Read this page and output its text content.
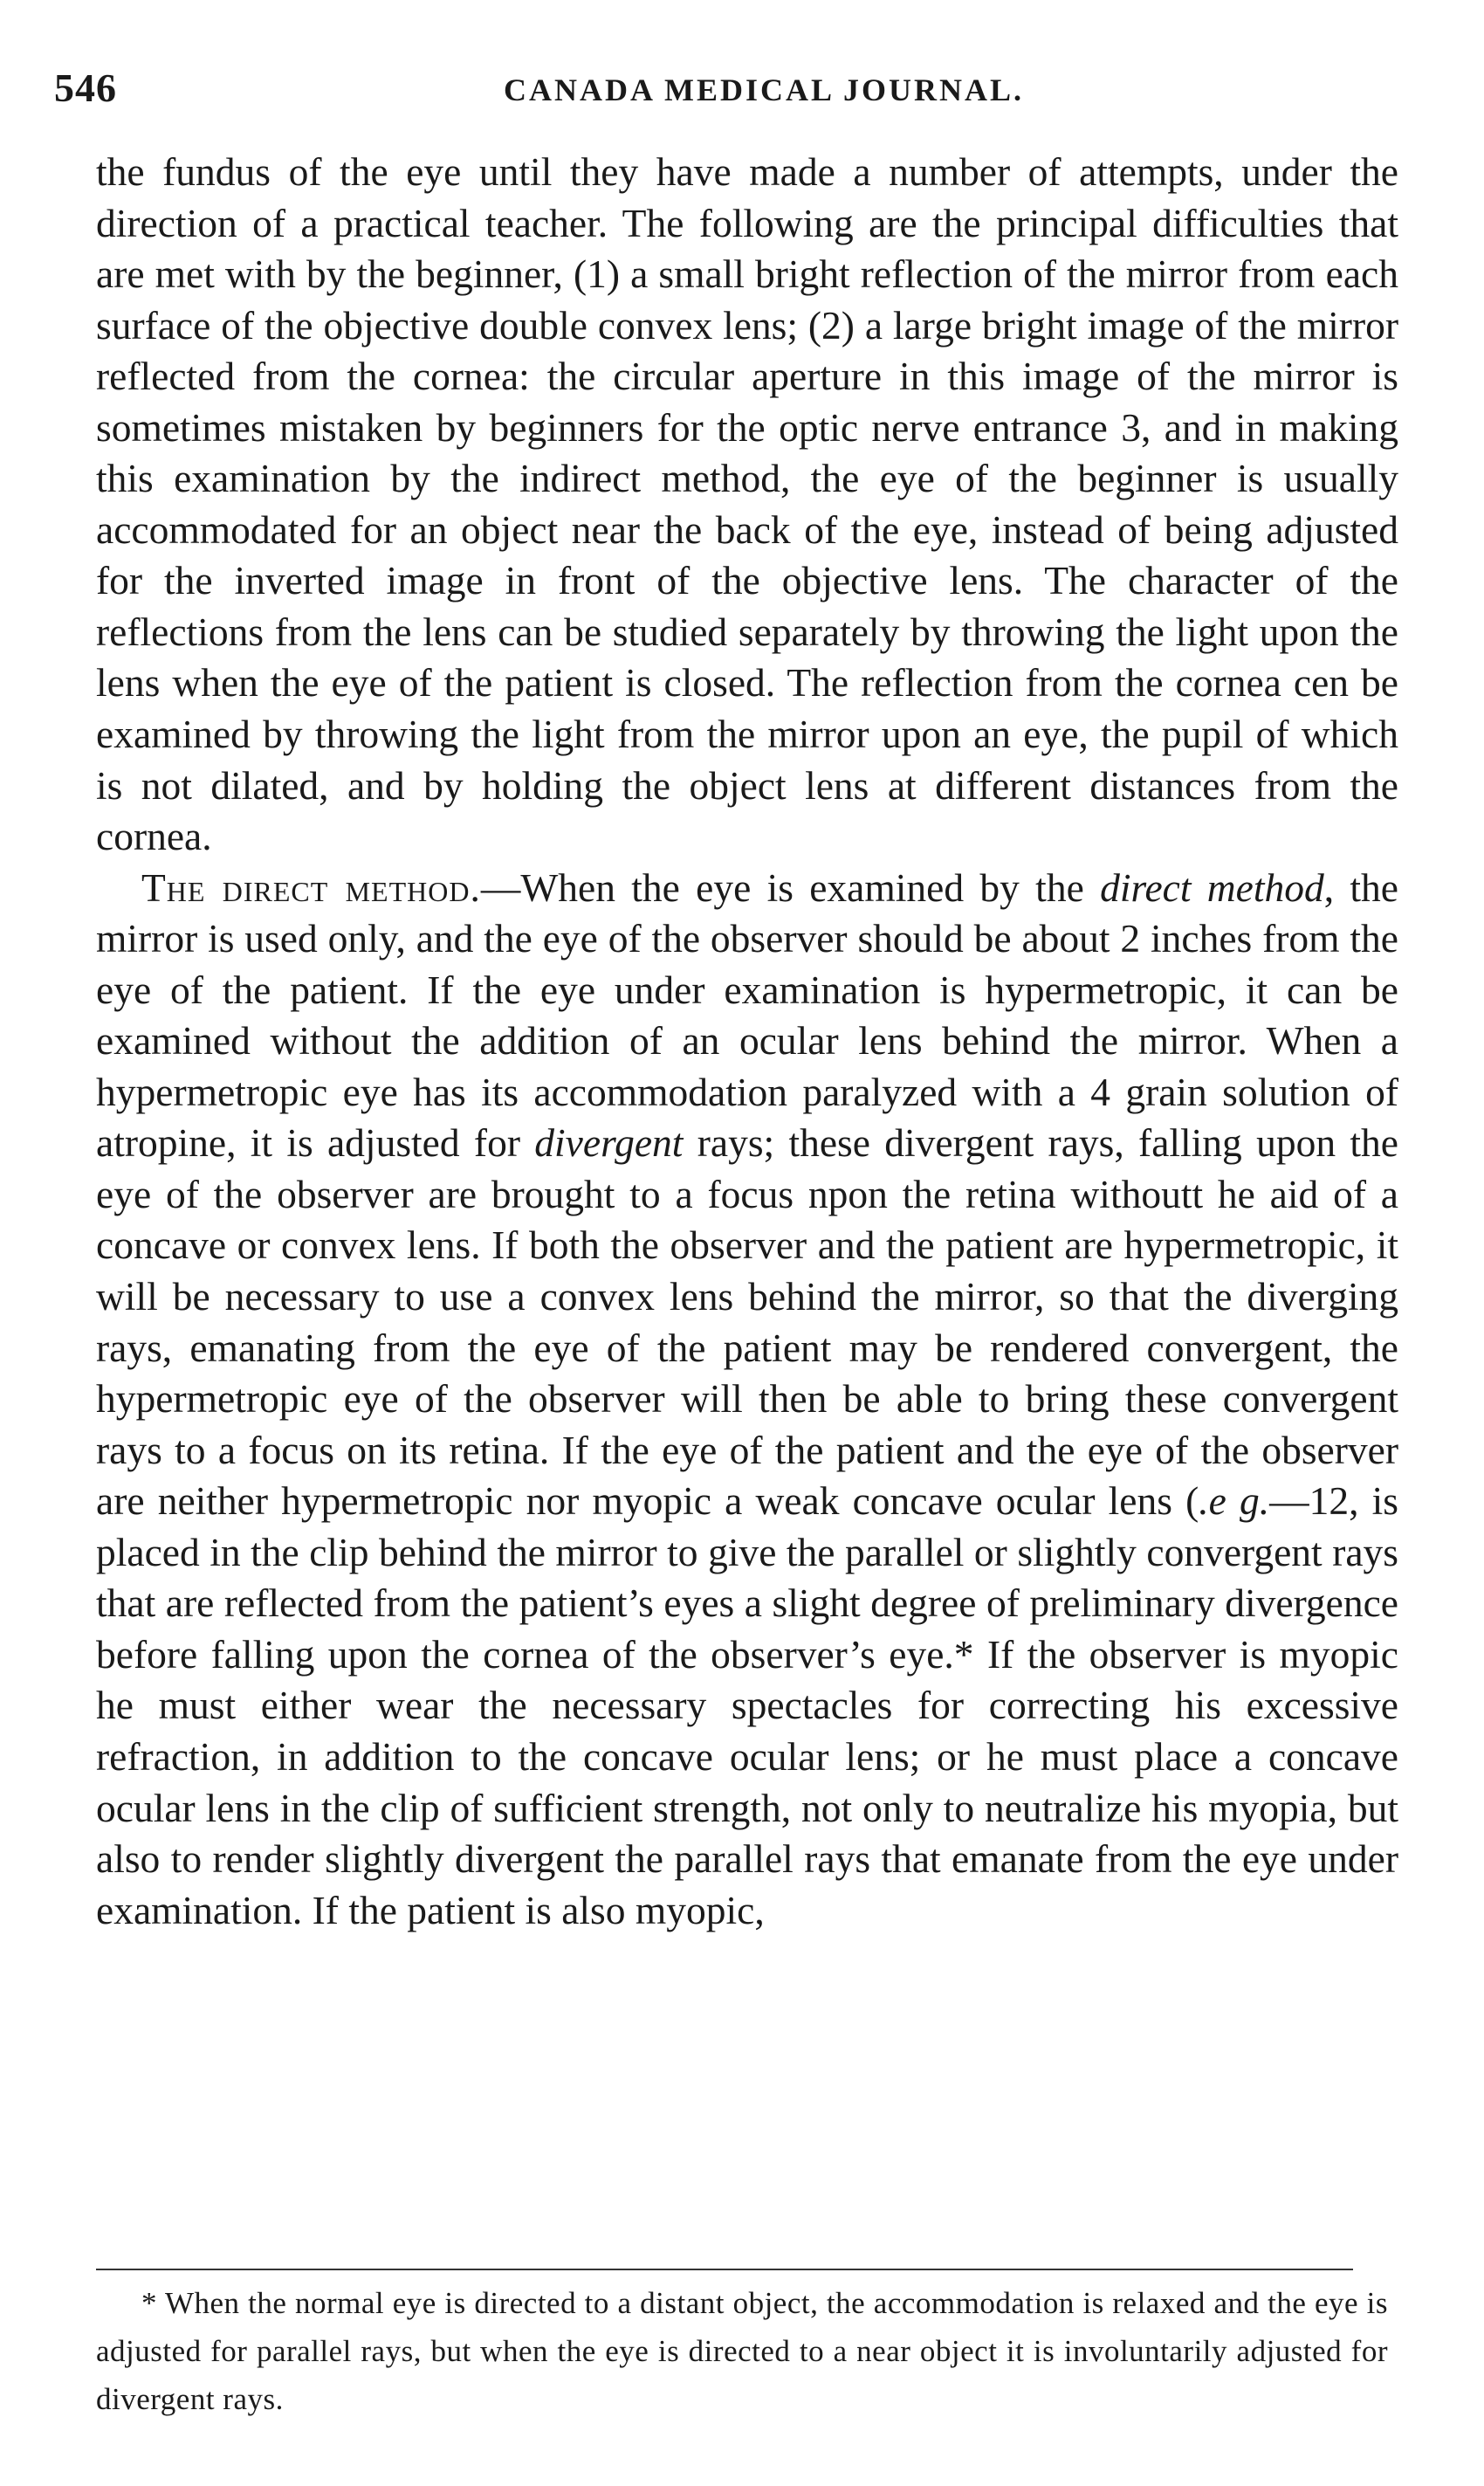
546	CANADA MEDICAL JOURNAL.

the fundus of the eye until they have made a number of attempts, under the direction of a practical teacher. The following are the principal difficulties that are met with by the beginner, (1) a small bright reflection of the mirror from each surface of the objective double convex lens; (2) a large bright image of the mirror reflected from the cornea: the circular aperture in this image of the mirror is sometimes mistaken by beginners for the optic nerve entrance 3, and in making this examination by the indirect method, the eye of the beginner is usually accommodated for an object near the back of the eye, instead of being adjusted for the inverted image in front of the objective lens. The character of the reflections from the lens can be studied separately by throwing the light upon the lens when the eye of the patient is closed. The reflection from the cornea cen be examined by throwing the light from the mirror upon an eye, the pupil of which is not dilated, and by holding the object lens at different distances from the cornea.

The direct method.—When the eye is examined by the direct method, the mirror is used only, and the eye of the observer should be about 2 inches from the eye of the patient. If the eye under examination is hypermetropic, it can be examined without the addition of an ocular lens behind the mirror. When a hypermetropic eye has its accommodation paralyzed with a 4 grain solution of atropine, it is adjusted for divergent rays; these divergent rays, falling upon the eye of the observer are brought to a focus npon the retina withoutt he aid of a concave or convex lens. If both the observer and the patient are hypermetropic, it will be necessary to use a convex lens behind the mirror, so that the diverging rays, emanating from the eye of the patient may be rendered convergent, the hypermetropic eye of the observer will then be able to bring these convergent rays to a focus on its retina. If the eye of the patient and the eye of the observer are neither hypermetropic nor myopic a weak concave ocular lens (.e g.—12, is placed in the clip behind the mirror to give the parallel or slightly convergent rays that are reflected from the patient’s eyes a slight degree of preliminary divergence before falling upon the cornea of the observer’s eye.* If the observer is myopic he must either wear the necessary spectacles for correcting his excessive refraction, in addition to the concave ocular lens; or he must place a concave ocular lens in the clip of sufficient strength, not only to neutralize his myopia, but also to render slightly divergent the parallel rays that emanate from the eye under examination. If the patient is also myopic,

* When the normal eye is directed to a distant object, the accommodation is relaxed and the eye is adjusted for parallel rays, but when the eye is directed to a near object it is involuntarily adjusted for divergent rays.
